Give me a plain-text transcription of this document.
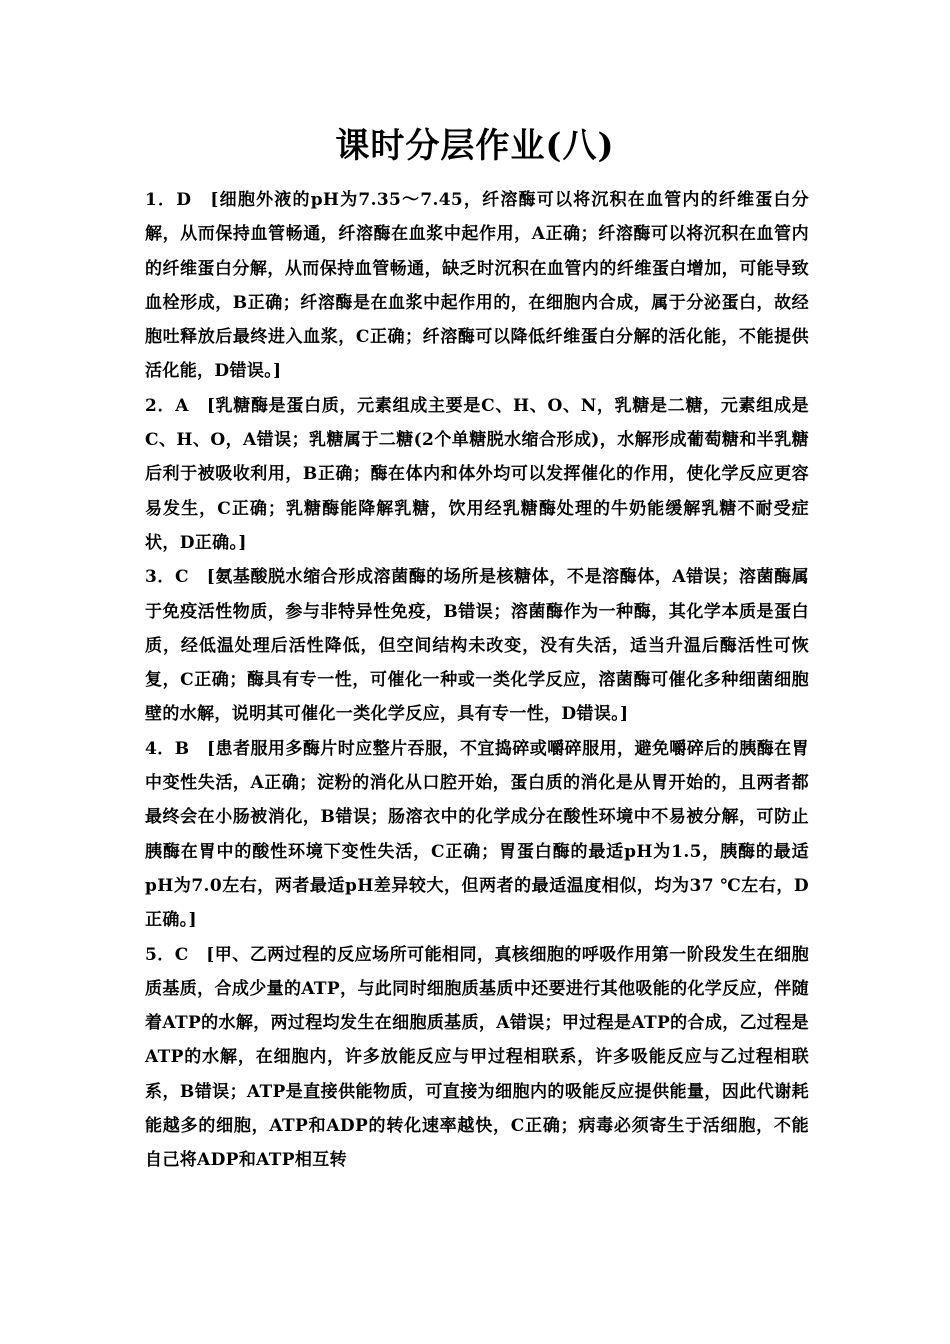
课时分层作业(八)

1．D　[细胞外液的pH为7.35～7.45，纤溶酶可以将沉积在血管内的纤维蛋白分解，从而保持血管畅通，纤溶酶在血浆中起作用，A正确；纤溶酶可以将沉积在血管内的纤维蛋白分解，从而保持血管畅通，缺乏时沉积在血管内的纤维蛋白增加，可能导致血栓形成，B正确；纤溶酶是在血浆中起作用的，在细胞内合成，属于分泌蛋白，故经胞吐释放后最终进入血浆，C正确；纤溶酶可以降低纤维蛋白分解的活化能，不能提供活化能，D错误。]

2．A　[乳糖酶是蛋白质，元素组成主要是C、H、O、N，乳糖是二糖，元素组成是C、H、O，A错误；乳糖属于二糖(2个单糖脱水缩合形成)，水解形成葡萄糖和半乳糖后利于被吸收利用，B正确；酶在体内和体外均可以发挥催化的作用，使化学反应更容易发生，C正确；乳糖酶能降解乳糖，饮用经乳糖酶处理的牛奶能缓解乳糖不耐受症状，D正确。]

3．C　[氨基酸脱水缩合形成溶菌酶的场所是核糖体，不是溶酶体，A错误；溶菌酶属于免疫活性物质，参与非特异性免疫，B错误；溶菌酶作为一种酶，其化学本质是蛋白质，经低温处理后活性降低，但空间结构未改变，没有失活，适当升温后酶活性可恢复，C正确；酶具有专一性，可催化一种或一类化学反应，溶菌酶可催化多种细菌细胞壁的水解，说明其可催化一类化学反应，具有专一性，D错误。]

4．B　[患者服用多酶片时应整片吞服，不宜捣碎或嚼碎服用，避免嚼碎后的胰酶在胃中变性失活，A正确；淀粉的消化从口腔开始，蛋白质的消化是从胃开始的，且两者都最终会在小肠被消化，B错误；肠溶衣中的化学成分在酸性环境中不易被分解，可防止胰酶在胃中的酸性环境下变性失活，C正确；胃蛋白酶的最适pH为1.5，胰酶的最适pH为7.0左右，两者最适pH差异较大，但两者的最适温度相似，均为37 ℃左右，D正确。]

5．C　[甲、乙两过程的反应场所可能相同，真核细胞的呼吸作用第一阶段发生在细胞质基质，合成少量的ATP，与此同时细胞质基质中还要进行其他吸能的化学反应，伴随着ATP的水解，两过程均发生在细胞质基质，A错误；甲过程是ATP的合成，乙过程是ATP的水解，在细胞内，许多放能反应与甲过程相联系，许多吸能反应与乙过程相联系，B错误；ATP是直接供能物质，可直接为细胞内的吸能反应提供能量，因此代谢耗能越多的细胞，ATP和ADP的转化速率越快，C正确；病毒必须寄生于活细胞，不能自己将ADP和ATP相互转
